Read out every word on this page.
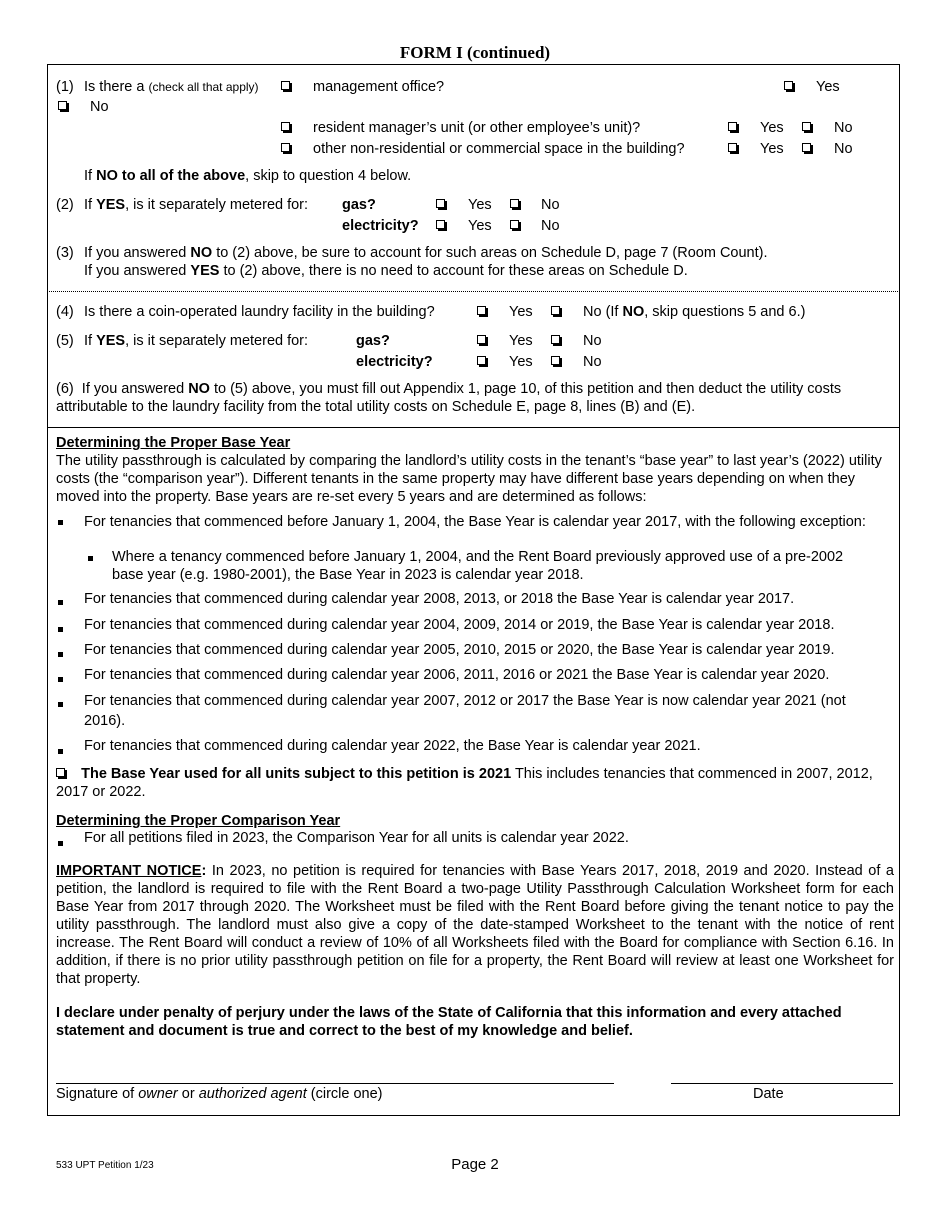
FORM I (continued)
(1) Is there a (check all that apply)	management office?	Yes
No
resident manager’s unit (or other employee’s unit)?	Yes	No
other non-residential or commercial space in the building?	Yes	No
If NO to all of the above, skip to question 4 below.
(2) If YES, is it separately metered for: gas?	Yes	No
electricity?	Yes	No
(3) If you answered NO to (2) above, be sure to account for such areas on Schedule D, page 7 (Room Count).
If you answered YES to (2) above, there is no need to account for these areas on Schedule D.
(4) Is there a coin-operated laundry facility in the building?	Yes	No (If NO, skip questions 5 and 6.)
(5) If YES, is it separately metered for:	gas?	Yes	No
electricity?	Yes	No
(6) If you answered NO to (5) above, you must fill out Appendix 1, page 10, of this petition and then deduct the utility costs attributable to the laundry facility from the total utility costs on Schedule E, page 8, lines (B) and (E).
Determining the Proper Base Year
The utility passthrough is calculated by comparing the landlord’s utility costs in the tenant’s “base year” to last year’s (2022) utility costs (the “comparison year”). Different tenants in the same property may have different base years depending on when they moved into the property. Base years are re-set every 5 years and are determined as follows:
For tenancies that commenced before January 1, 2004, the Base Year is calendar year 2017, with the following exception:
Where a tenancy commenced before January 1, 2004, and the Rent Board previously approved use of a pre-2002 base year (e.g. 1980-2001), the Base Year in 2023 is calendar year 2018.
For tenancies that commenced during calendar year 2008, 2013, or 2018 the Base Year is calendar year 2017.
For tenancies that commenced during calendar year 2004, 2009, 2014 or 2019, the Base Year is calendar year 2018.
For tenancies that commenced during calendar year 2005, 2010, 2015 or 2020, the Base Year is calendar year 2019.
For tenancies that commenced during calendar year 2006, 2011, 2016 or 2021 the Base Year is calendar year 2020.
For tenancies that commenced during calendar year 2007, 2012 or 2017 the Base Year is now calendar year 2021 (not 2016).
For tenancies that commenced during calendar year 2022, the Base Year is calendar year 2021.
The Base Year used for all units subject to this petition is 2021 This includes tenancies that commenced in 2007, 2012, 2017 or 2022.
Determining the Proper Comparison Year
For all petitions filed in 2023, the Comparison Year for all units is calendar year 2022.
IMPORTANT NOTICE: In 2023, no petition is required for tenancies with Base Years 2017, 2018, 2019 and 2020. Instead of a petition, the landlord is required to file with the Rent Board a two-page Utility Passthrough Calculation Worksheet form for each Base Year from 2017 through 2020. The Worksheet must be filed with the Rent Board before giving the tenant notice to pay the utility passthrough. The landlord must also give a copy of the date-stamped Worksheet to the tenant with the notice of rent increase. The Rent Board will conduct a review of 10% of all Worksheets filed with the Board for compliance with Section 6.16. In addition, if there is no prior utility passthrough petition on file for a property, the Rent Board will review at least one Worksheet for that property.
I declare under penalty of perjury under the laws of the State of California that this information and every attached statement and document is true and correct to the best of my knowledge and belief.
Signature of owner or authorized agent (circle one)	Date
533 UPT Petition 1/23	Page 2
